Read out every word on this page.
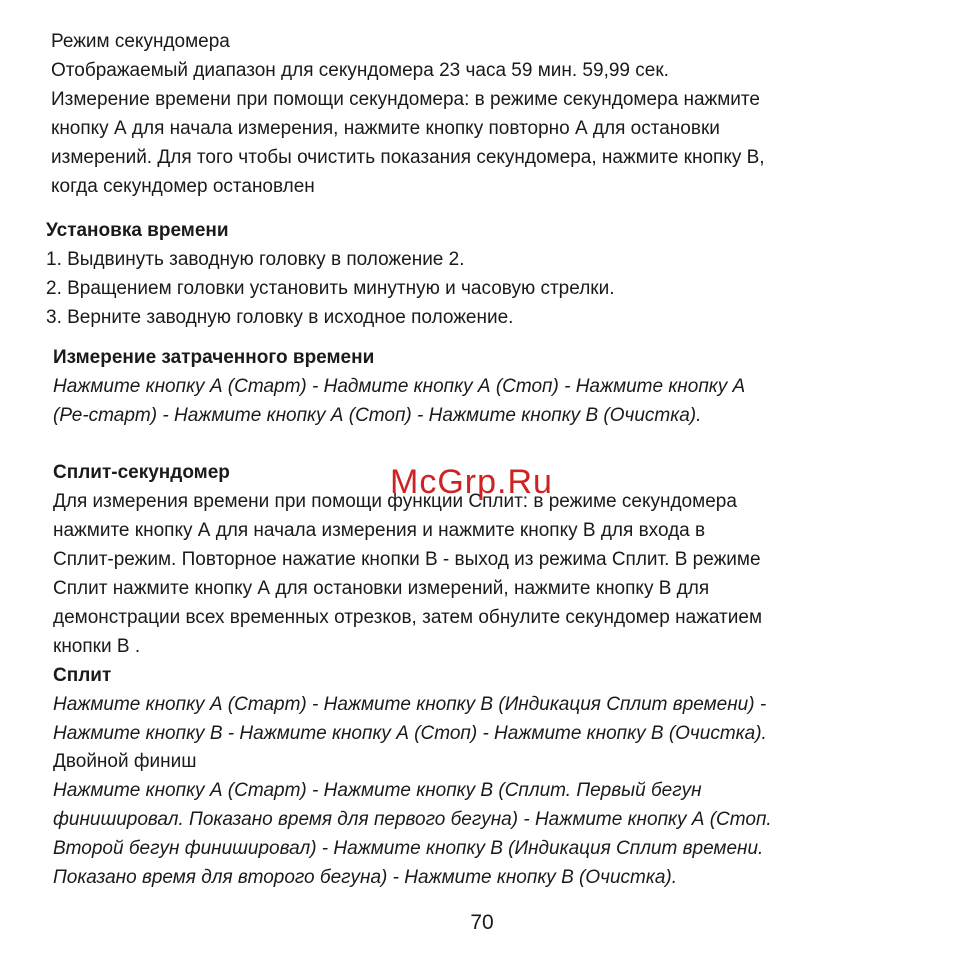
Режим секундомера
Отображаемый диапазон для секундомера 23 часа 59 мин. 59,99 сек.
Измерение времени при помощи секундомера: в режиме секундомера нажмите
кнопку А для начала измерения, нажмите кнопку повторно А для остановки
измерений. Для того чтобы очистить показания секундомера, нажмите кнопку В,
когда секундомер остановлен
Установка времени
1. Выдвинуть заводную головку в положение 2.
2. Вращением головки установить минутную и часовую стрелки.
3. Верните заводную головку в исходное положение.
Измерение затраченного времени
Нажмите кнопку А (Старт) - Надмите кнопку А (Стоп) - Нажмите кнопку А
(Ре-старт) - Нажмите кнопку А (Стоп) - Нажмите кнопку В (Очистка).
Сплит-секундомер
Для измерения времени при помощи функции Сплит: в режиме секундомера
нажмите кнопку А для начала измерения и нажмите кнопку В для входа в
Сплит-режим. Повторное нажатие кнопки В - выход из режима Сплит. В режиме
Сплит нажмите кнопку А для остановки измерений, нажмите кнопку В для
демонстрации всех временных отрезков, затем обнулите секундомер нажатием
кнопки В .
Сплит
Нажмите кнопку А (Старт) - Нажмите кнопку В (Индикация Сплит времени) -
Нажмите кнопку В - Нажмите кнопку А (Стоп) - Нажмите кнопку В (Очистка).
Двойной финиш
Нажмите кнопку А (Старт) - Нажмите кнопку В (Сплит. Первый бегун
финишировал. Показано время для первого бегуна) - Нажмите кнопку А (Стоп.
Второй бегун финишировал) - Нажмите кнопку В (Индикация Сплит времени.
Показано время для второго бегуна) - Нажмите кнопку В (Очистка).
McGrp.Ru
70
